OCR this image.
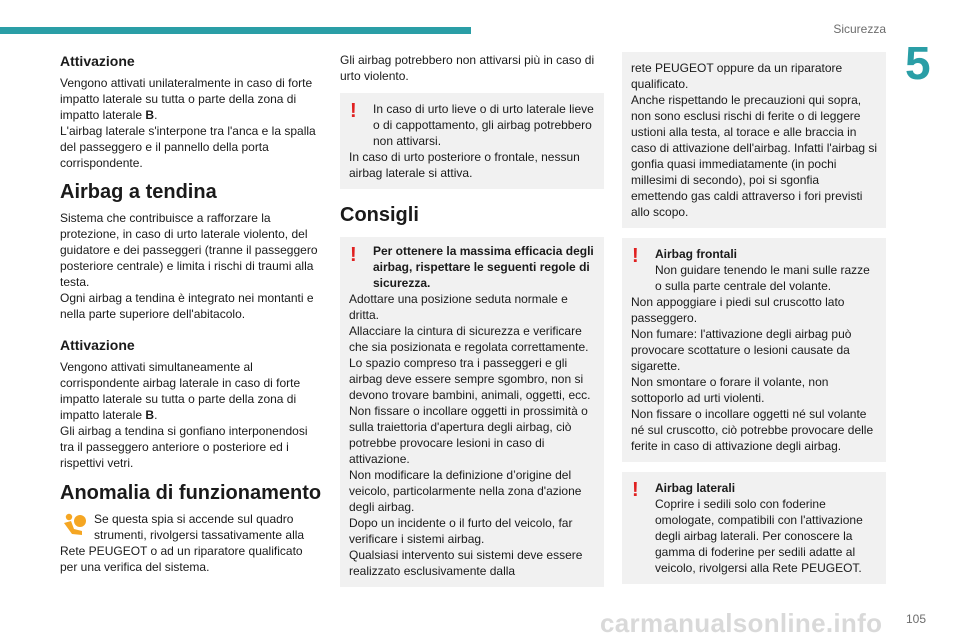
Sicurezza
5
Attivazione

Vengono attivati unilateralmente in caso di forte impatto laterale su tutta o parte della zona di impatto laterale B.

L'airbag laterale s'interpone tra l'anca e la spalla del passeggero e il pannello della porta corrispondente.

Airbag a tendina

Sistema che contribuisce a rafforzare la protezione, in caso di urto laterale violento, del guidatore e dei passeggeri (tranne il passeggero posteriore centrale) e limita i rischi di traumi alla testa.

Ogni airbag a tendina è integrato nei montanti e nella parte superiore dell'abitacolo.

Attivazione

Vengono attivati simultaneamente al corrispondente airbag laterale in caso di forte impatto laterale su tutta o parte della zona di impatto laterale B.

Gli airbag a tendina si gonfiano interponendosi tra il passeggero anteriore o posteriore ed i rispettivi vetri.

Anomalia di funzionamento

Se questa spia si accende sul quadro strumenti, rivolgersi tassativamente alla Rete PEUGEOT o ad un riparatore qualificato per una verifica del sistema.

Gli airbag potrebbero non attivarsi più in caso di urto violento.

!	In caso di urto lieve o di urto laterale lieve o di cappottamento, gli airbag potrebbero non attivarsi.

In caso di urto posteriore o frontale, nessun airbag laterale si attiva.

Consigli
!	Per ottenere la massima efficacia degli airbag, rispettare le seguenti regole di sicurezza.

Adottare una posizione seduta normale e dritta.

Allacciare la cintura di sicurezza e verificare che sia posizionata e regolata correttamente.

Lo spazio compreso tra i passeggeri e gli airbag deve essere sempre sgombro, non si devono trovare bambini, animali, oggetti, ecc.

Non fissare o incollare oggetti in prossimità o sulla traiettoria d'apertura degli airbag, ciò potrebbe provocare lesioni in caso di attivazione.

Non modificare la definizione d’origine del veicolo, particolarmente nella zona d'azione degli airbag.

Dopo un incidente o il furto del veicolo, far verificare i sistemi airbag.

Qualsiasi intervento sui sistemi deve essere realizzato esclusivamente dalla

rete PEUGEOT oppure da un riparatore qualificato.

Anche rispettando le precauzioni qui sopra, non sono esclusi rischi di ferite o di leggere ustioni alla testa, al torace e alle braccia in caso di attivazione dell'airbag. Infatti l'airbag si gonfia quasi immediatamente (in pochi millesimi di secondo), poi si sgonfia emettendo gas caldi attraverso i fori previsti allo scopo.

!	Airbag frontali

Non guidare tenendo le mani sulle razze o sulla parte centrale del volante.

Non appoggiare i piedi sul cruscotto lato passeggero.

Non fumare: l'attivazione degli airbag può provocare scottature o lesioni causate da sigarette.

Non smontare o forare il volante, non sottoporlo ad urti violenti.

Non fissare o incollare oggetti né sul volante né sul cruscotto, ciò potrebbe provocare delle ferite in caso di attivazione degli airbag.

!	Airbag laterali

Coprire i sedili solo con foderine omologate, compatibili con l'attivazione degli airbag laterali. Per conoscere la gamma di foderine per sedili adatte al veicolo, rivolgersi alla Rete PEUGEOT.

carmanualsonline.info 105
